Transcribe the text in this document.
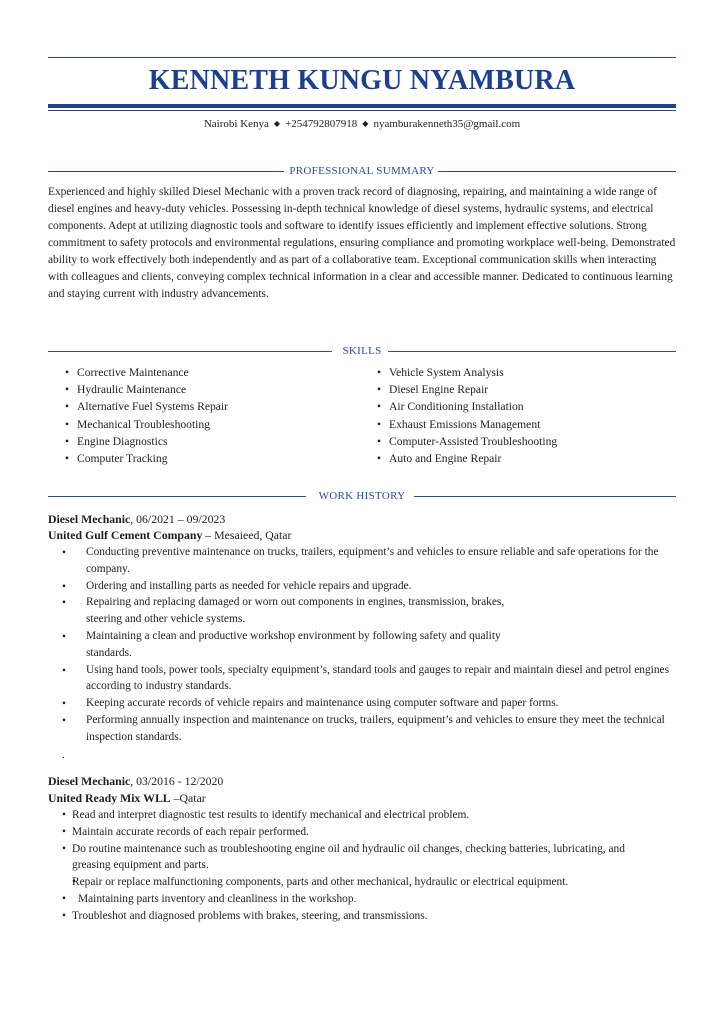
KENNETH KUNGU NYAMBURA
Nairobi Kenya ◆ +254792807918 ◆ nyamburakenneth35@gmail.com
PROFESSIONAL SUMMARY

Experienced and highly skilled Diesel Mechanic with a proven track record of diagnosing, repairing, and maintaining a wide range of diesel engines and heavy-duty vehicles. Possessing in-depth technical knowledge of diesel systems, hydraulic systems, and electrical components. Adept at utilizing diagnostic tools and software to identify issues efficiently and implement effective solutions. Strong commitment to safety protocols and environmental regulations, ensuring compliance and promoting workplace well-being. Demonstrated ability to work effectively both independently and as part of a collaborative team. Exceptional communication skills when interacting with colleagues and clients, conveying complex technical information in a clear and accessible manner. Dedicated to continuous learning and staying current with industry advancements.

SKILLS
• Corrective Maintenance
• Hydraulic Maintenance
• Alternative Fuel Systems Repair
• Mechanical Troubleshooting
• Engine Diagnostics
• Computer Tracking
• Vehicle System Analysis
• Diesel Engine Repair
• Air Conditioning Installation
• Exhaust Emissions Management
• Computer-Assisted Troubleshooting
• Auto and Engine Repair
WORK HISTORY
Diesel Mechanic, 06/2021 – 09/2023
United Gulf Cement Company – Mesaieed, Qatar
• Conducting preventive maintenance on trucks, trailers, equipment’s and vehicles to ensure reliable and safe operations for the company.
• Ordering and installing parts as needed for vehicle repairs and upgrade.
• Repairing and replacing damaged or worn out components in engines, transmission, brakes, steering and other vehicle systems.
• Maintaining a clean and productive workshop environment by following safety and quality standards.
• Using hand tools, power tools, specialty equipment’s, standard tools and gauges to repair and maintain diesel and petrol engines according to industry standards.
• Keeping accurate records of vehicle repairs and maintenance using computer software and paper forms.
• Performing annually inspection and maintenance on trucks, trailers, equipment’s and vehicles to ensure they meet the technical inspection standards.
.
Diesel Mechanic, 03/2016 - 12/2020
United Ready Mix WLL –Qatar
• Read and interpret diagnostic test results to identify mechanical and electrical problem.
• Maintain accurate records of each repair performed.
• Do routine maintenance such as troubleshooting engine oil and hydraulic oil changes, checking batteries, lubricating, and greasing equipment and parts.
• Repair or replace malfunctioning components, parts and other mechanical, hydraulic or electrical equipment.
• Maintaining parts inventory and cleanliness in the workshop.
• Troubleshot and diagnosed problems with brakes, steering, and transmissions.
